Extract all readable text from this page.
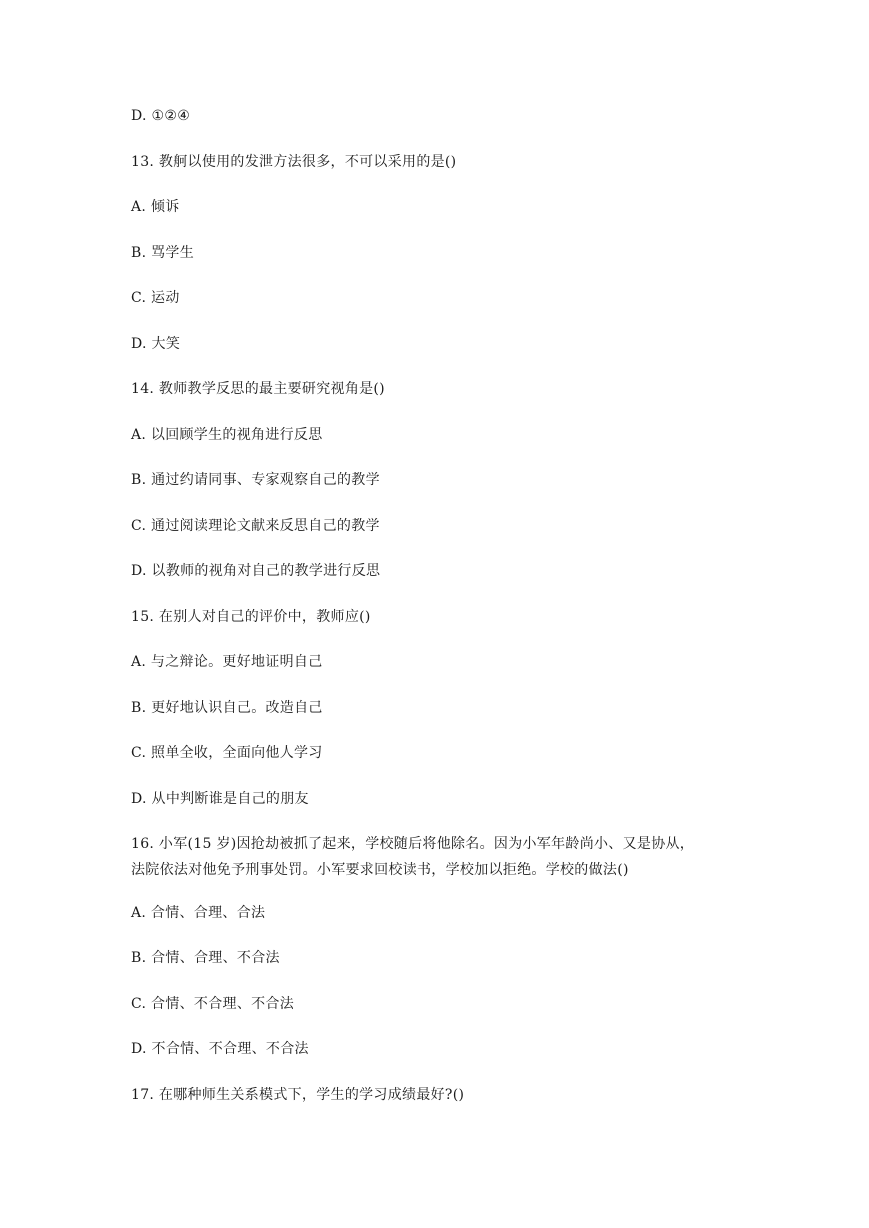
D. ①②④
13. 教舸以使用的发泄方法很多，不可以采用的是()
A. 倾诉
B. 骂学生
C. 运动
D. 大笑
14. 教师教学反思的最主要研究视角是()
A. 以回顾学生的视角进行反思
B. 通过约请同事、专家观察自己的教学
C. 通过阅读理论文献来反思自己的教学
D. 以教师的视角对自己的教学进行反思
15. 在别人对自己的评价中，教师应()
A. 与之辩论。更好地证明自己
B. 更好地认识自己。改造自己
C. 照单全收，全面向他人学习
D. 从中判断谁是自己的朋友
16. 小军(15 岁)因抢劫被抓了起来，学校随后将他除名。因为小军年龄尚小、又是协从，
法院依法对他免予刑事处罚。小军要求回校读书，学校加以拒绝。学校的做法()
A. 合情、合理、合法
B. 合情、合理、不合法
C. 合情、不合理、不合法
D. 不合情、不合理、不合法
17. 在哪种师生关系模式下，学生的学习成绩最好?()
